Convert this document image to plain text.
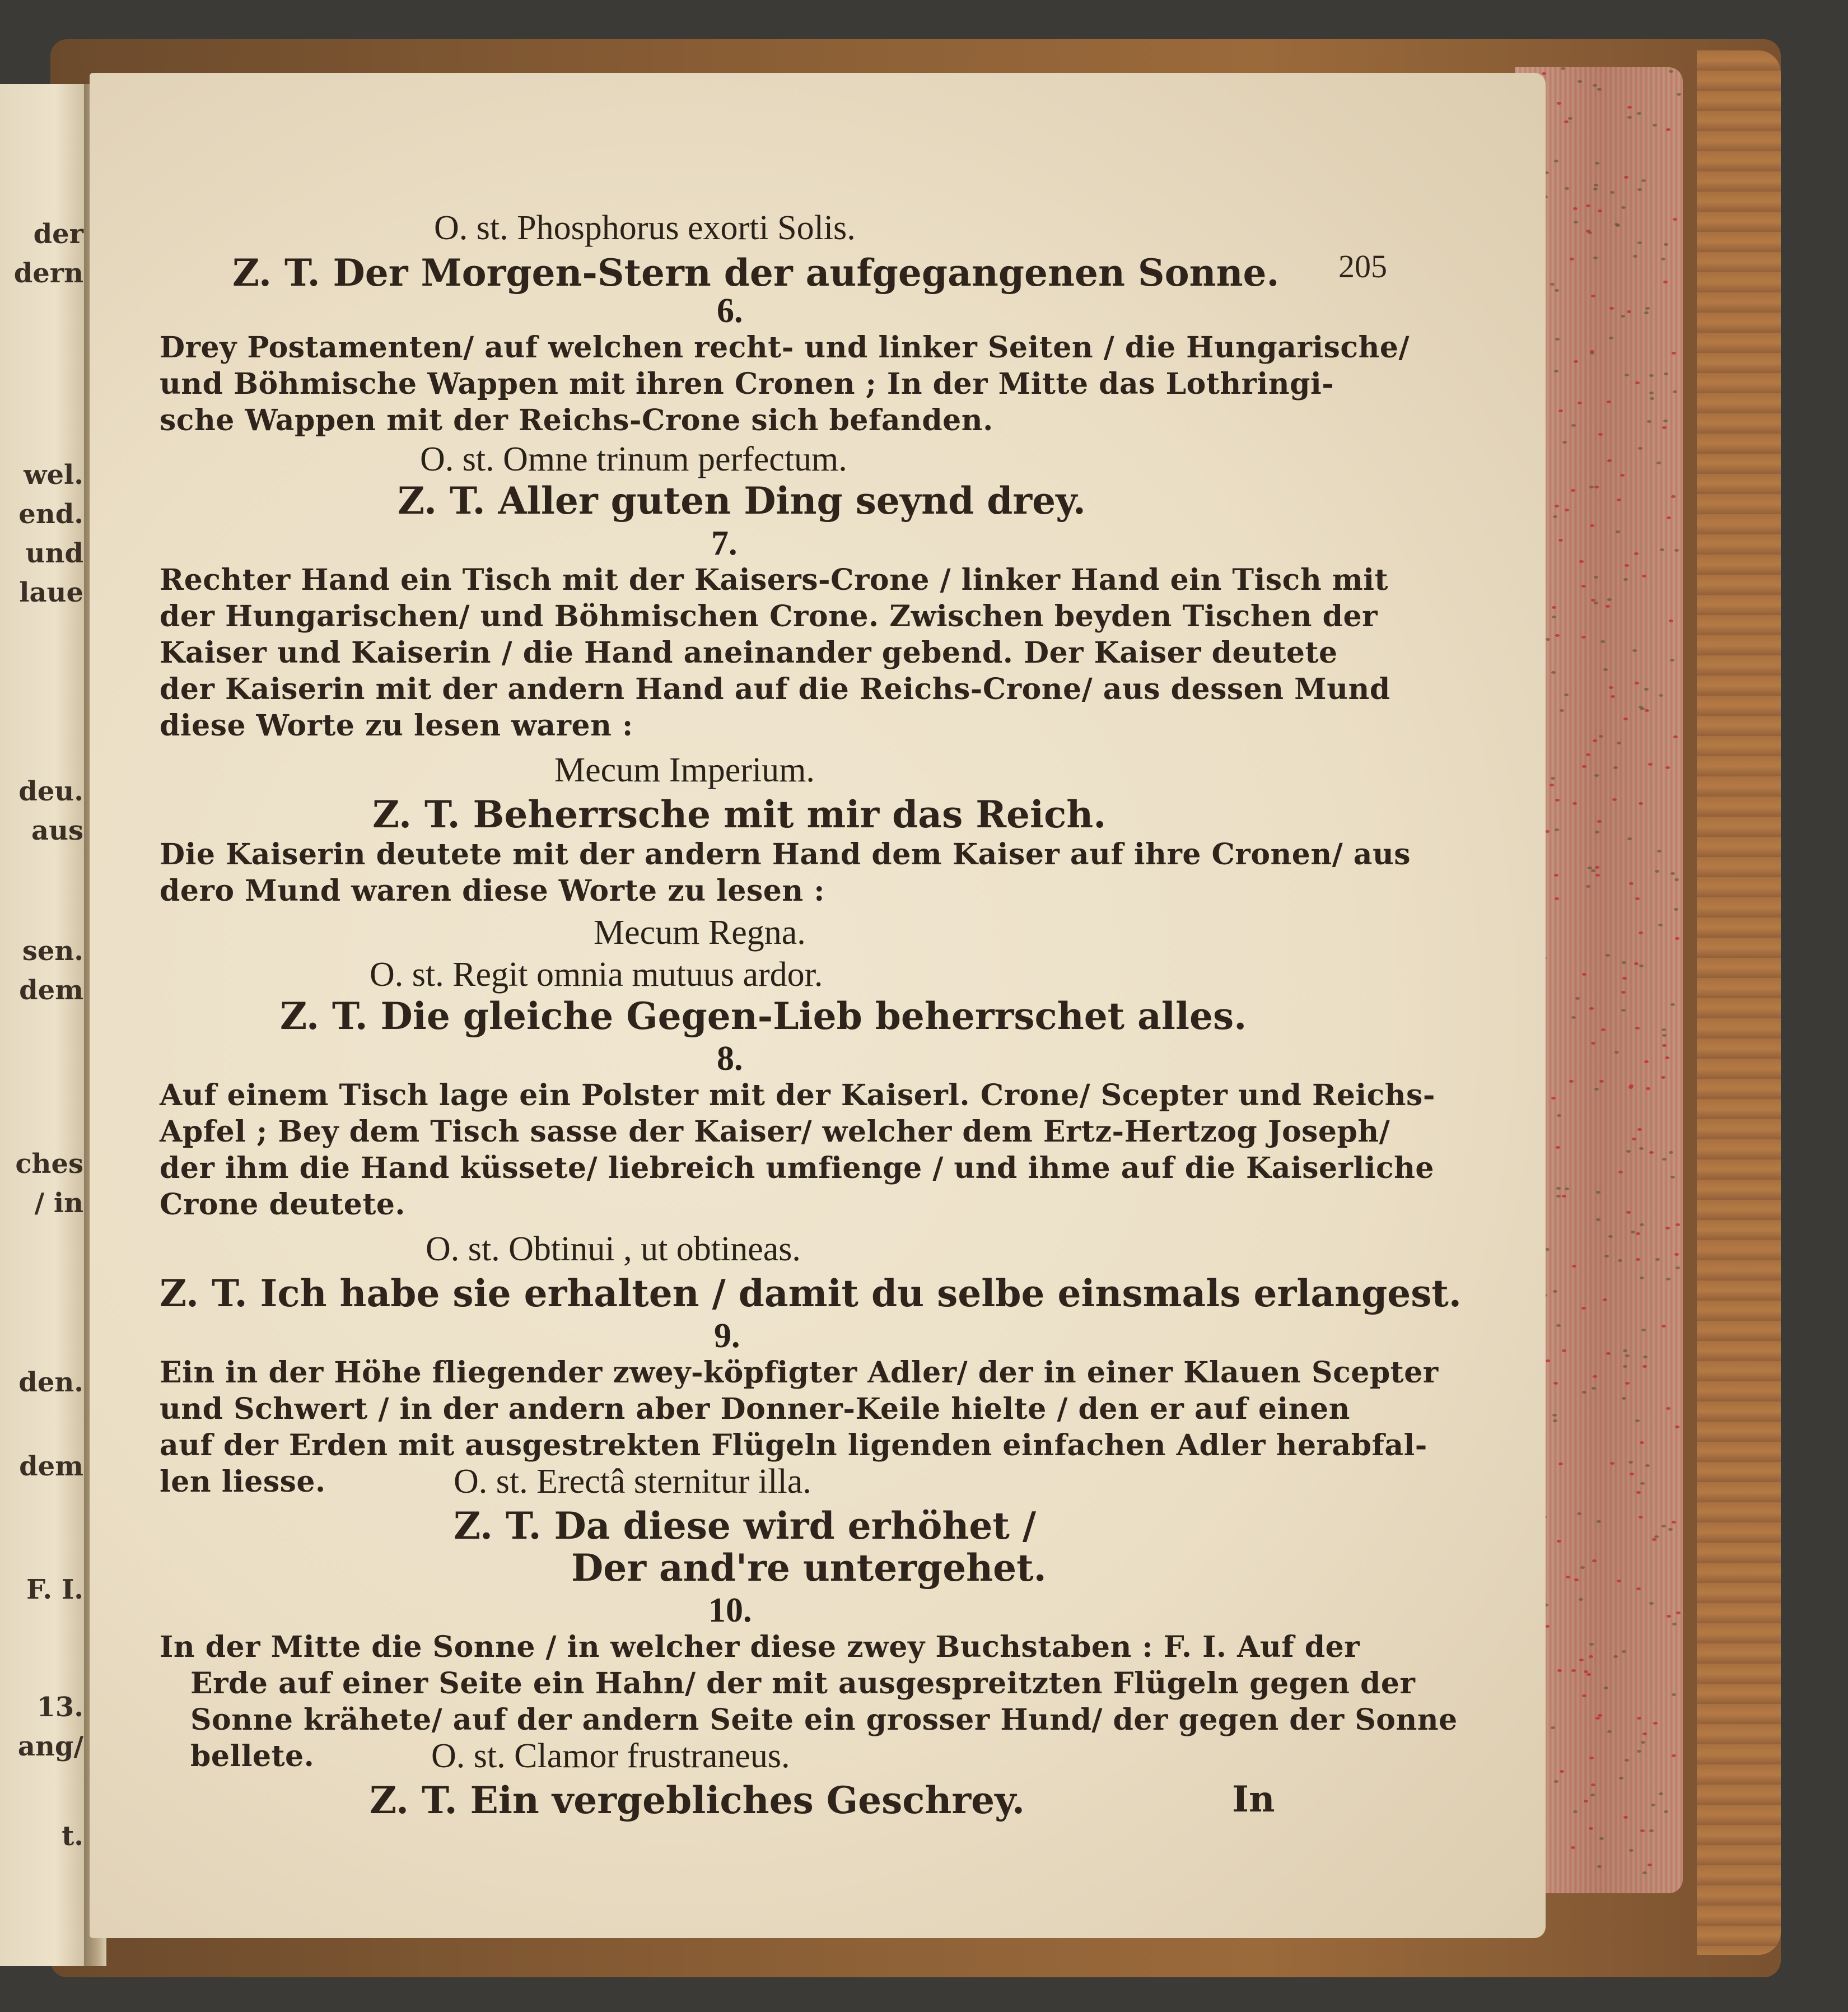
der
dern
wel.
end.
und
laue
deu.
aus
sen.
dem
ches
/ in
den.
dem
F. I.
13.
ang/
t.
205
O. st. Phosphorus exorti Solis.
Z. T. Der Morgen-Stern der aufgegangenen Sonne.
6.
Drey Postamenten/ auf welchen recht- und linker Seiten / die Hungarische/
und Böhmische Wappen mit ihren Cronen ; In der Mitte das Lothringi-
sche Wappen mit der Reichs-Crone sich befanden.
O. st. Omne trinum perfectum.
Z. T. Aller guten Ding seynd drey.
7.
Rechter Hand ein Tisch mit der Kaisers-Crone / linker Hand ein Tisch mit
der Hungarischen/ und Böhmischen Crone. Zwischen beyden Tischen der
Kaiser und Kaiserin / die Hand aneinander gebend. Der Kaiser deutete
der Kaiserin mit der andern Hand auf die Reichs-Crone/ aus dessen Mund
diese Worte zu lesen waren :
Mecum Imperium.
Z. T. Beherrsche mit mir das Reich.
Die Kaiserin deutete mit der andern Hand dem Kaiser auf ihre Cronen/ aus
dero Mund waren diese Worte zu lesen :
Mecum Regna.
O. st. Regit omnia mutuus ardor.
Z. T. Die gleiche Gegen-Lieb beherrschet alles.
8.
Auf einem Tisch lage ein Polster mit der Kaiserl. Crone/ Scepter und Reichs-
Apfel ; Bey dem Tisch sasse der Kaiser/ welcher dem Ertz-Hertzog Joseph/
der ihm die Hand küssete/ liebreich umfienge / und ihme auf die Kaiserliche
Crone deutete.
O. st. Obtinui , ut obtineas.
Z. T. Ich habe sie erhalten / damit du selbe einsmals erlangest.
9.
Ein in der Höhe fliegender zwey-köpfigter Adler/ der in einer Klauen Scepter
und Schwert / in der andern aber Donner-Keile hielte / den er auf einen
auf der Erden mit ausgestrekten Flügeln ligenden einfachen Adler herabfal-
len liesse.	O. st. Erectâ sternitur illa.
Z. T. Da diese wird erhöhet /
Der and're untergehet.
10.
In der Mitte die Sonne / in welcher diese zwey Buchstaben : F. I. Auf der
Erde auf einer Seite ein Hahn/ der mit ausgespreitzten Flügeln gegen der
Sonne krähete/ auf der andern Seite ein grosser Hund/ der gegen der Sonne
bellete.	O. st. Clamor frustraneus.
Z. T. Ein vergebliches Geschrey.	In
